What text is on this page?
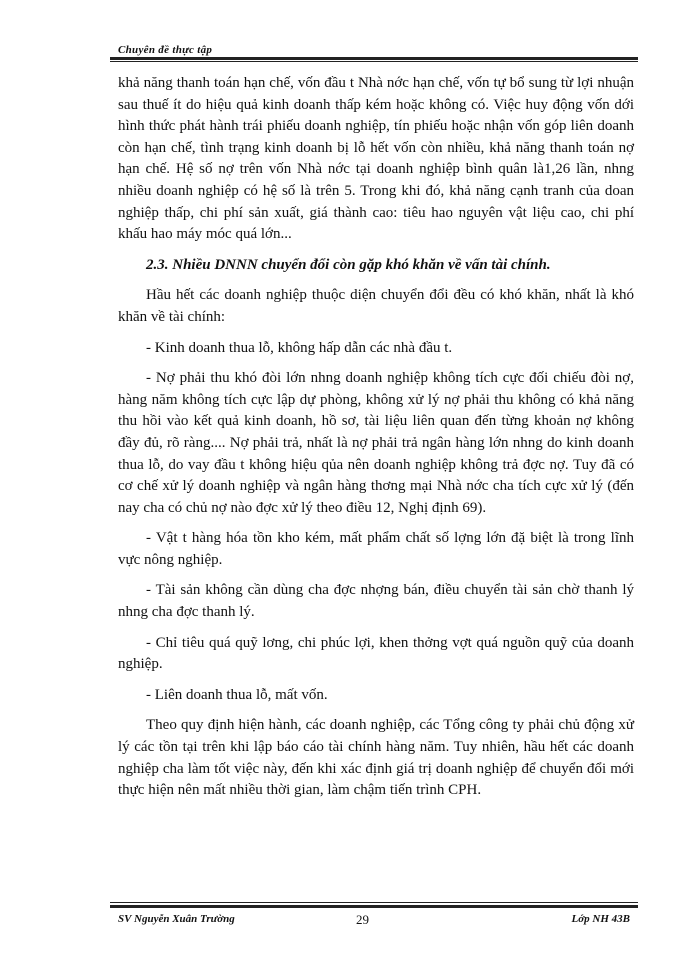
Chuyên đề thực tập

khả năng thanh toán hạn chế, vốn đầu t Nhà nớc hạn chế, vốn tự bổ sung từ lợi nhuận sau thuế ít do hiệu quả kinh doanh thấp kém hoặc không có. Việc huy động vốn dới hình thức phát hành trái phiếu doanh nghiệp, tín phiếu hoặc nhận vốn góp liên doanh còn hạn chế, tình trạng kinh doanh bị lỗ hết vốn còn nhiều, khả năng thanh toán nợ hạn chế. Hệ số nợ trên vốn Nhà nớc tại doanh nghiệp bình quân là1,26 lần, nhng nhiều doanh nghiệp có hệ số là trên 5. Trong khi đó, khả năng cạnh tranh của doan nghiệp thấp, chi phí sản xuất, giá thành cao: tiêu hao nguyên vật liệu cao, chi phí khấu hao máy móc quá lớn...

2.3. Nhiều DNNN chuyển đổi còn gặp khó khăn về vấn tài chính.

Hầu hết các doanh nghiệp thuộc diện chuyển đổi đều có khó khăn, nhất là khó khăn về tài chính:

- Kinh doanh thua lỗ, không hấp dẫn các nhà đầu t.

- Nợ phải thu khó đòi lớn nhng doanh nghiệp không tích cực đối chiếu đòi nợ, hàng năm không tích cực lập dự phòng, không xử lý nợ phải thu không có khả năng thu hồi vào kết quả kinh doanh, hồ sơ, tài liệu liên quan đến từng khoản nợ không đầy đủ, rõ ràng.... Nợ phải trả, nhất là nợ phải trả ngân hàng lớn nhng do kinh doanh thua lỗ, do vay đầu t không hiệu qủa nên doanh nghiệp không trả đợc nợ. Tuy đã có cơ chế xử lý doanh nghiệp và ngân hàng thơng mại Nhà nớc cha tích cực xử lý (đến nay cha có chủ nợ nào đợc xử lý theo điều 12, Nghị định 69).

- Vật t hàng hóa tồn kho kém, mất phẩm chất số lợng lớn đặ biệt là trong lĩnh vực nông nghiệp.

- Tài sản không cần dùng cha đợc nhợng bán, điều chuyển tài sản chờ thanh lý nhng cha đợc thanh lý.

- Chỉ tiêu quá quỹ lơng, chi phúc lợi, khen thởng vợt quá nguồn quỹ của doanh nghiệp.

- Liên doanh thua lỗ, mất vốn.

Theo quy định hiện hành, các doanh nghiệp, các Tổng công ty phải chủ động xử lý các tồn tại trên khi lập báo cáo tài chính hàng năm. Tuy nhiên, hầu hết các doanh nghiệp cha làm tốt việc này, đến khi xác định giá trị doanh nghiệp để chuyển đổi mới thực hiện nên mất nhiều thời gian, làm chậm tiến trình CPH.

SV Nguyễn Xuân Trường	29	Lớp NH 43B
